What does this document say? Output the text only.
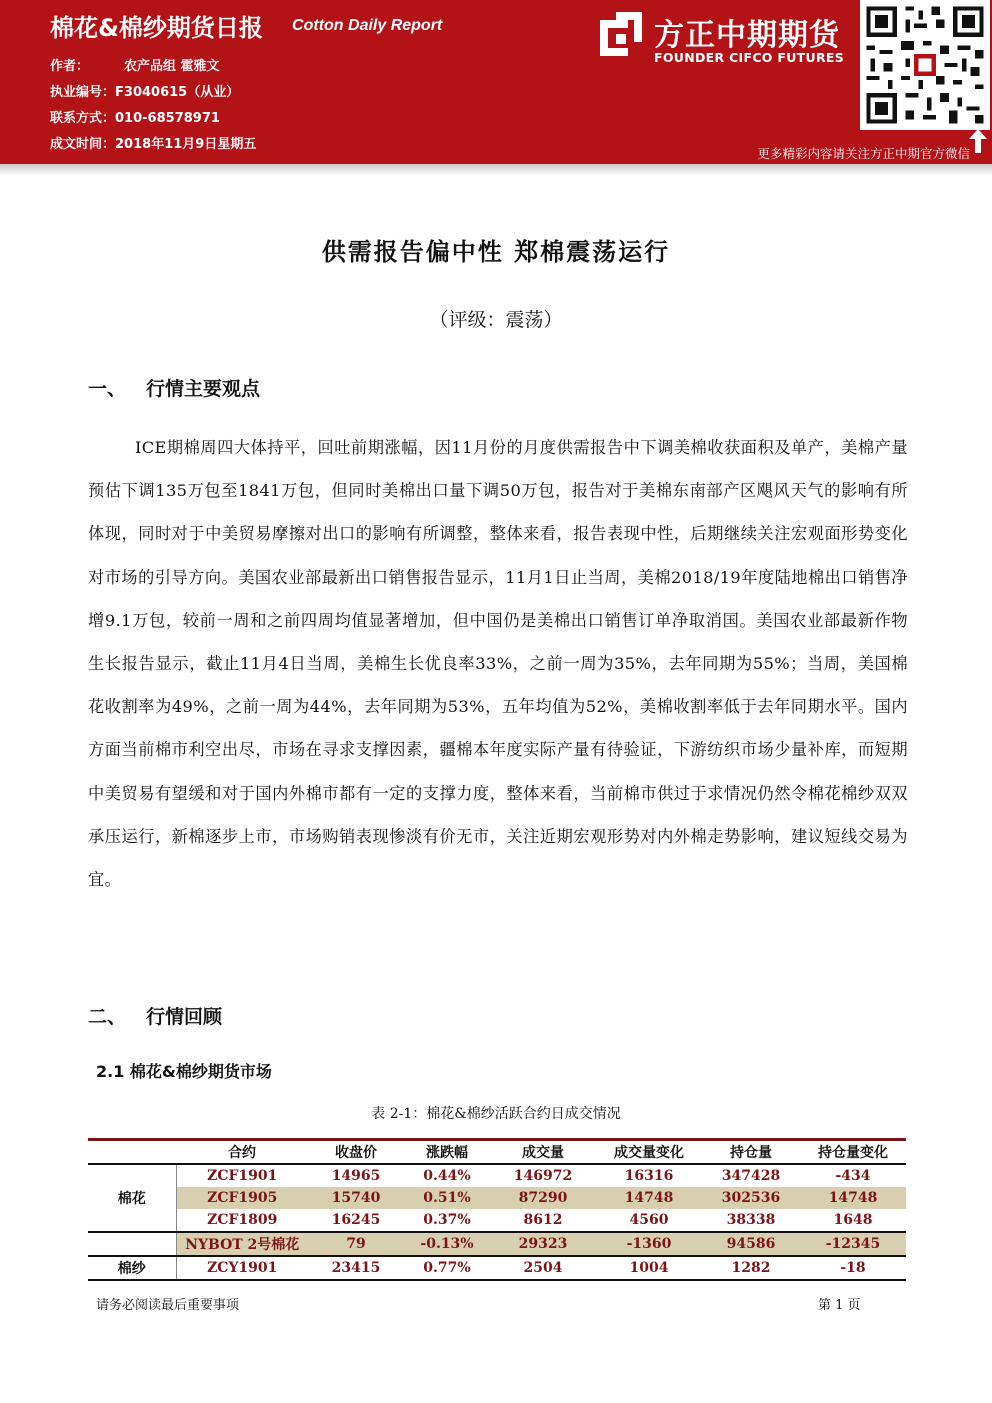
棉花&棉纱期货日报 Cotton Daily Report
作者：	农产品组 霍雅文
执业编号：F3040615（从业）
联系方式：010-68578971
成文时间：2018年11月9日星期五
方正中期期货
FOUNDER CIFCO FUTURES
更多精彩内容请关注方正中期官方微信
供需报告偏中性 郑棉震荡运行
（评级：震荡）
一、 行情主要观点
ICE期棉周四大体持平，回吐前期涨幅，因11月份的月度供需报告中下调美棉收获面积及单产，美棉产量预估下调135万包至1841万包，但同时美棉出口量下调50万包，报告对于美棉东南部产区飓风天气的影响有所体现，同时对于中美贸易摩擦对出口的影响有所调整，整体来看，报告表现中性，后期继续关注宏观面形势变化对市场的引导方向。美国农业部最新出口销售报告显示，11月1日止当周，美棉2018/19年度陆地棉出口销售净增9.1万包，较前一周和之前四周均值显著增加，但中国仍是美棉出口销售订单净取消国。美国农业部最新作物生长报告显示，截止11月4日当周，美棉生长优良率33%，之前一周为35%，去年同期为55%；当周，美国棉花收割率为49%，之前一周为44%，去年同期为53%，五年均值为52%，美棉收割率低于去年同期水平。国内方面当前棉市利空出尽，市场在寻求支撑因素，疆棉本年度实际产量有待验证，下游纺织市场少量补库，而短期中美贸易有望缓和对于国内外棉市都有一定的支撑力度，整体来看，当前棉市供过于求情况仍然令棉花棉纱双双承压运行，新棉逐步上市，市场购销表现惨淡有价无市，关注近期宏观形势对内外棉走势影响，建议短线交易为宜。
二、 行情回顾
2.1 棉花&棉纱期货市场
表 2-1：棉花&棉纱活跃合约日成交情况
	合约	收盘价	涨跌幅	成交量	成交量变化	持仓量	持仓量变化
棉花	ZCF1901	14965	0.44%	146972	16316	347428	-434
	ZCF1905	15740	0.51%	87290	14748	302536	14748
	ZCF1809	16245	0.37%	8612	4560	38338	1648
	NYBOT 2号棉花	79	-0.13%	29323	-1360	94586	-12345
棉纱	ZCY1901	23415	0.77%	2504	1004	1282	-18
请务必阅读最后重要事项	第 1 页
